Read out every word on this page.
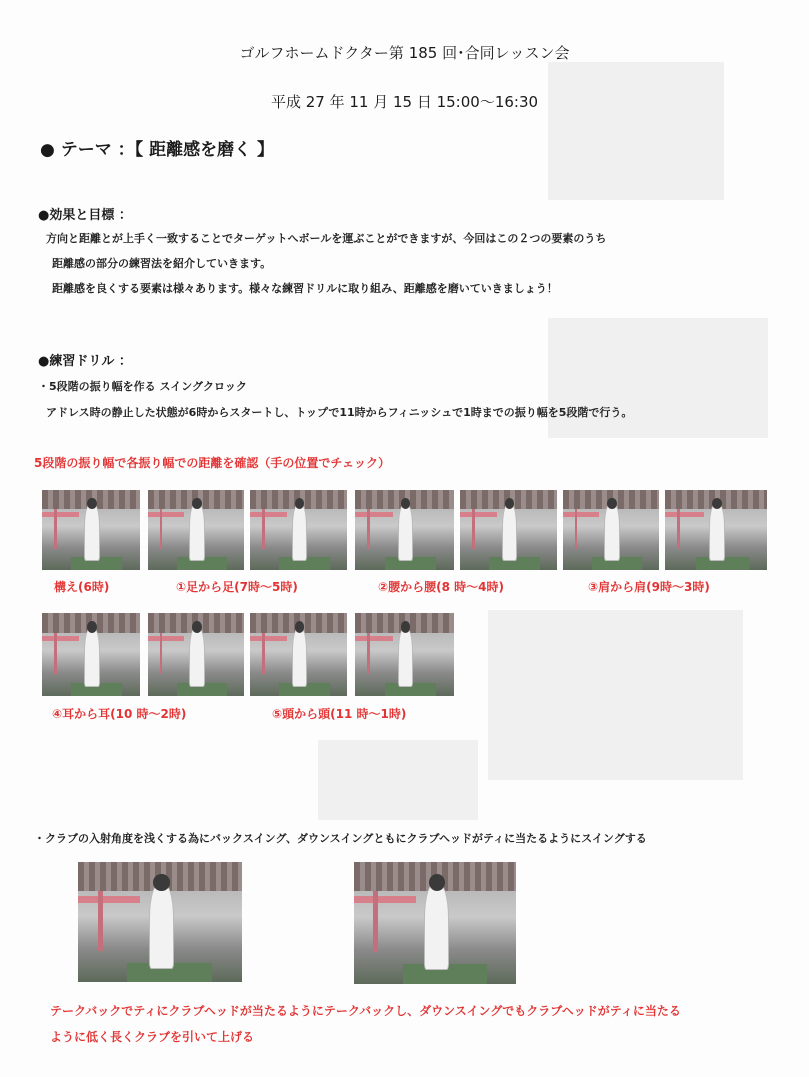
ゴルフホームドクター第 185 回･合同レッスン会
平成 27 年 11 月 15 日 15:00～16:30
● テーマ ：【 距離感を磨く 】
●効果と目標 ：
方向と距離とが上手く一致することでターゲットへボールを運ぶことができますが、今回はこの２つの要素のうち
距離感の部分の練習法を紹介していきます。
距離感を良くする要素は様々あります。様々な練習ドリルに取り組み、距離感を磨いていきましょう！
●練習ドリル ：
・5段階の振り幅を作る スイングクロック
アドレス時の静止した状態が6時からスタートし、トップで11時からフィニッシュで1時までの振り幅を5段階で行う。
5段階の振り幅で各振り幅での距離を確認（手の位置でチェック）
構え(6時)	①足から足(7時～5時)	②腰から腰(8 時～4時)	③肩から肩(9時～3時)
④耳から耳(10 時～2時)	⑤頭から頭(11 時～1時)
・クラブの入射角度を浅くする為にバックスイング、ダウンスイングともにクラブヘッドがティに当たるようにスイングする
テークバックでティにクラブヘッドが当たるようにテークバックし、ダウンスイングでもクラブヘッドがティに当たる
ように低く長くクラブを引いて上げる
